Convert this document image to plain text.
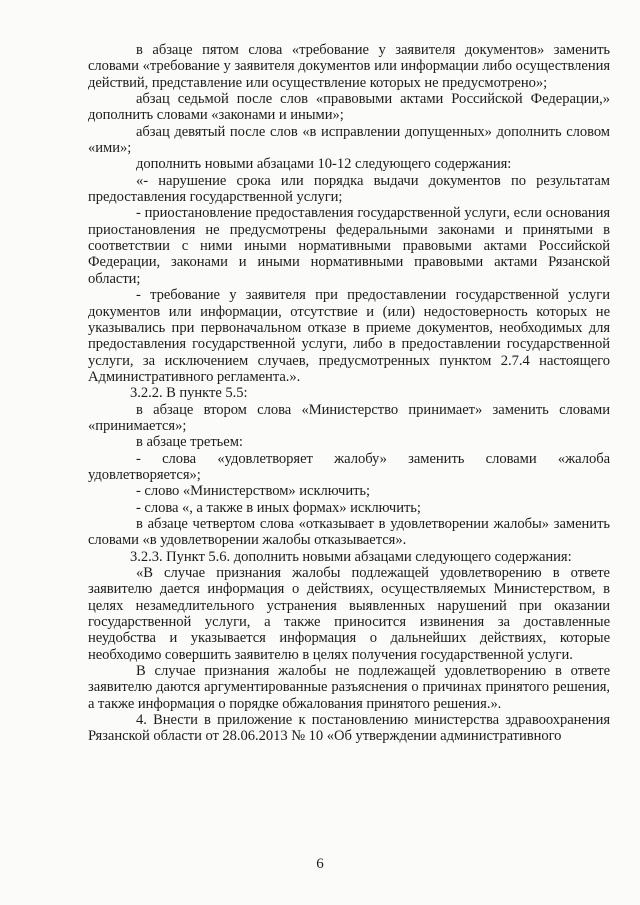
в абзаце пятом слова «требование у заявителя документов» заменить словами «требование у заявителя документов или информации либо осуществления действий, представление или осуществление которых не предусмотрено»;

абзац седьмой после слов «правовыми актами Российской Федерации,» дополнить словами «законами и иными»;

абзац девятый после слов «в исправлении допущенных» дополнить словом «ими»;

дополнить новыми абзацами 10-12 следующего содержания:

«- нарушение срока или порядка выдачи документов по результатам предоставления государственной услуги;

- приостановление предоставления государственной услуги, если основания приостановления не предусмотрены федеральными законами и принятыми в соответствии с ними иными нормативными правовыми актами Российской Федерации, законами и иными нормативными правовыми актами Рязанской области;

- требование у заявителя при предоставлении государственной услуги документов или информации, отсутствие и (или) недостоверность которых не указывались при первоначальном отказе в приеме документов, необходимых для предоставления государственной услуги, либо в предоставлении государственной услуги, за исключением случаев, предусмотренных пунктом 2.7.4 настоящего Административного регламента.».

3.2.2. В пункте 5.5:

в абзаце втором слова «Министерство принимает» заменить словами «принимается»;

в абзаце третьем:

- слова «удовлетворяет жалобу» заменить словами «жалоба удовлетворяется»;

- слово «Министерством» исключить;

- слова «, а также в иных формах» исключить;

в абзаце четвертом слова «отказывает в удовлетворении жалобы» заменить словами «в удовлетворении жалобы отказывается».

3.2.3. Пункт 5.6. дополнить новыми абзацами следующего содержания:

«В случае признания жалобы подлежащей удовлетворению в ответе заявителю дается информация о действиях, осуществляемых Министерством, в целях незамедлительного устранения выявленных нарушений при оказании государственной услуги, а также приносится извинения за доставленные неудобства и указывается информация о дальнейших действиях, которые необходимо совершить заявителю в целях получения государственной услуги.

В случае признания жалобы не подлежащей удовлетворению в ответе заявителю даются аргументированные разъяснения о причинах принятого решения, а также информация о порядке обжалования принятого решения.».

4. Внести в приложение к постановлению министерства здравоохранения Рязанской области от 28.06.2013 № 10 «Об утверждении административного

6
